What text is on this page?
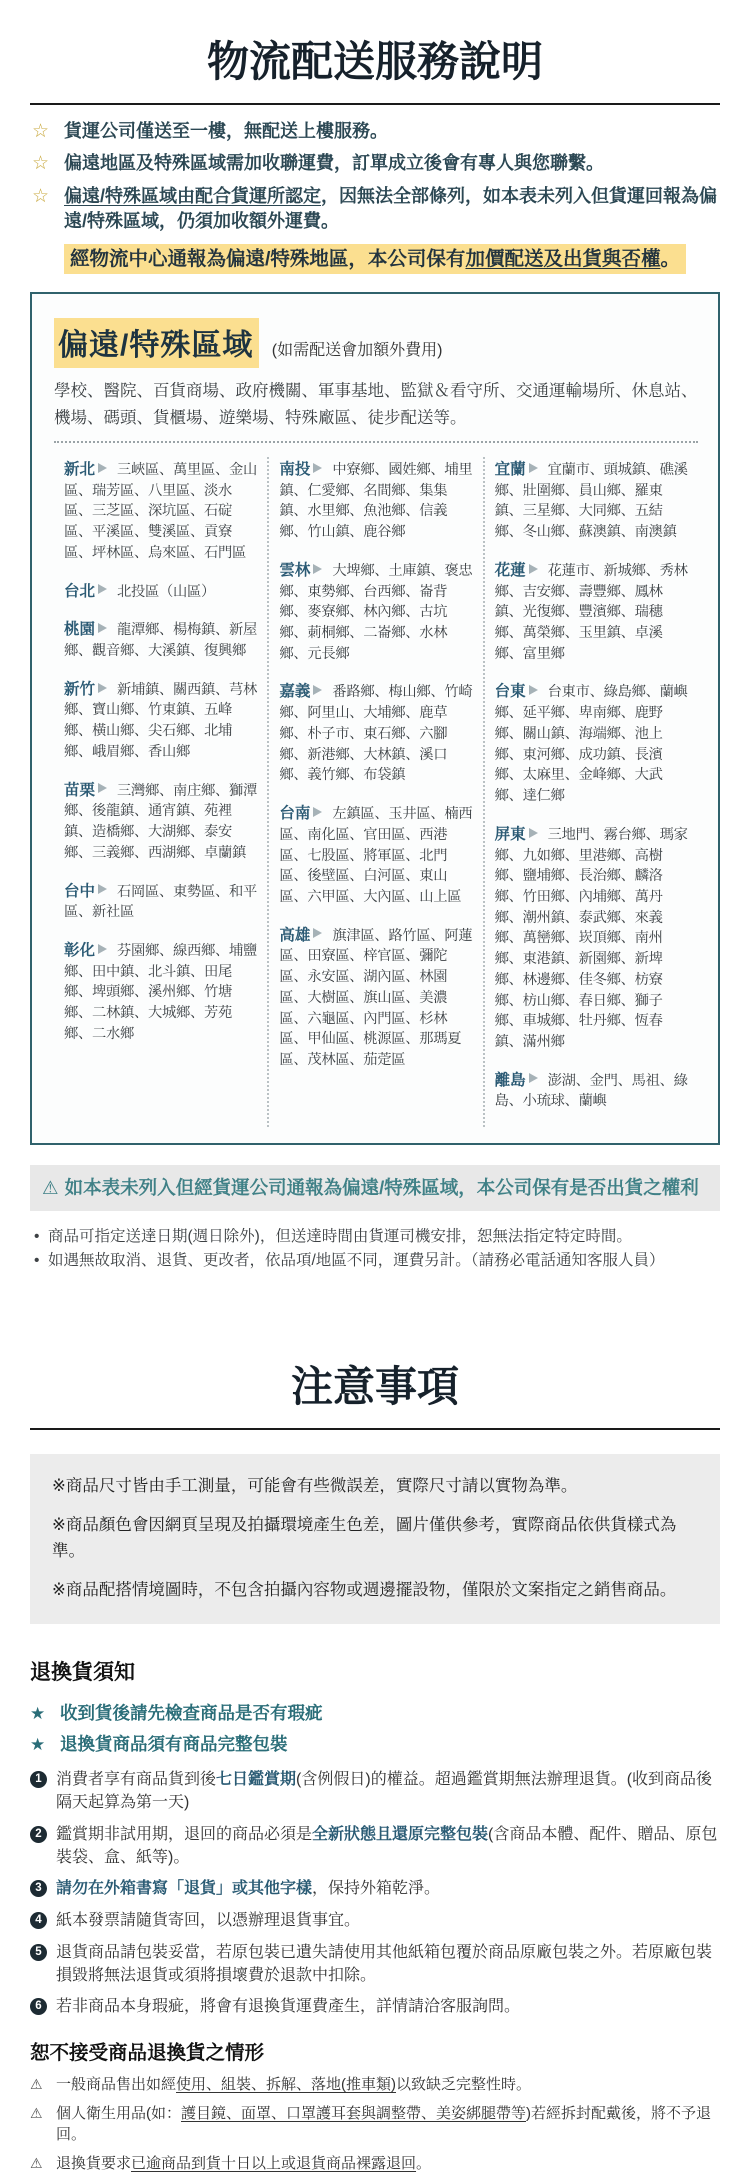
物流配送服務說明
☆
貨運公司僅送至一樓，無配送上樓服務。
☆
偏遠地區及特殊區域需加收聯運費，訂單成立後會有專人與您聯繫。
☆
偏遠/特殊區域由配合貨運所認定，因無法全部條列，如本表未列入但貨運回報為偏遠/特殊區域，仍須加收額外運費。
經物流中心通報為偏遠/特殊地區，本公司保有加價配送及出貨與否權。
偏遠/特殊區域 (如需配送會加額外費用)
學校、醫院、百貨商場、政府機關、軍事基地、監獄＆看守所、交通運輸場所、休息站、機場、碼頭、貨櫃場、遊樂場、特殊廠區、徒步配送等。
新北 三峽區、萬里區、金山區、瑞芳區、八里區、淡水區、三芝區、深坑區、石碇區、平溪區、雙溪區、貢寮區、坪林區、烏來區、石門區
台北 北投區（山區）
桃園 龍潭鄉、楊梅鎮、新屋鄉、觀音鄉、大溪鎮、復興鄉
新竹 新埔鎮、關西鎮、芎林鄉、寶山鄉、竹東鎮、五峰鄉、橫山鄉、尖石鄉、北埔鄉、峨眉鄉、香山鄉
苗栗 三灣鄉、南庄鄉、獅潭鄉、後龍鎮、通宵鎮、苑裡鎮、造橋鄉、大湖鄉、泰安鄉、三義鄉、西湖鄉、卓蘭鎮
台中 石岡區、東勢區、和平區、新社區
彰化 芬園鄉、線西鄉、埔鹽鄉、田中鎮、北斗鎮、田尾鄉、埤頭鄉、溪州鄉、竹塘鄉、二林鎮、大城鄉、芳苑鄉、二水鄉
南投 中寮鄉、國姓鄉、埔里鎮、仁愛鄉、名間鄉、集集鎮、水里鄉、魚池鄉、信義鄉、竹山鎮、鹿谷鄉
雲林 大埤鄉、土庫鎮、褒忠鄉、東勢鄉、台西鄉、崙背鄉、麥寮鄉、林內鄉、古坑鄉、莿桐鄉、二崙鄉、水林鄉、元長鄉
嘉義 番路鄉、梅山鄉、竹崎鄉、阿里山、大埔鄉、鹿草鄉、朴子市、東石鄉、六腳鄉、新港鄉、大林鎮、溪口鄉、義竹鄉、布袋鎮
台南 左鎮區、玉井區、楠西區、南化區、官田區、西港區、七股區、將軍區、北門區、後壁區、白河區、東山區、六甲區、大內區、山上區
高雄 旗津區、路竹區、阿蓮區、田寮區、梓官區、彌陀區、永安區、湖內區、林園區、大樹區、旗山區、美濃區、六龜區、內門區、杉林區、甲仙區、桃源區、那瑪夏區、茂林區、茄萣區
宜蘭 宜蘭市、頭城鎮、礁溪鄉、壯圍鄉、員山鄉、羅東鎮、三星鄉、大同鄉、五結鄉、冬山鄉、蘇澳鎮、南澳鎮
花蓮 花蓮市、新城鄉、秀林鄉、吉安鄉、壽豐鄉、鳳林鎮、光復鄉、豐濱鄉、瑞穗鄉、萬榮鄉、玉里鎮、卓溪鄉、富里鄉
台東 台東市、綠島鄉、蘭嶼鄉、延平鄉、卑南鄉、鹿野鄉、關山鎮、海端鄉、池上鄉、東河鄉、成功鎮、長濱鄉、太麻里、金峰鄉、大武鄉、達仁鄉
屏東 三地門、霧台鄉、瑪家鄉、九如鄉、里港鄉、高樹鄉、鹽埔鄉、長治鄉、麟洛鄉、竹田鄉、內埔鄉、萬丹鄉、潮州鎮、泰武鄉、來義鄉、萬巒鄉、崁頂鄉、南州鄉、東港鎮、新園鄉、新埤鄉、林邊鄉、佳冬鄉、枋寮鄉、枋山鄉、春日鄉、獅子鄉、車城鄉、牡丹鄉、恆春鎮、滿州鄉
離島 澎湖、金門、馬祖、綠島、小琉球、蘭嶼
⚠ 如本表未列入但經貨運公司通報為偏遠/特殊區域，本公司保有是否出貨之權利
•
商品可指定送達日期(週日除外)，但送達時間由貨運司機安排，恕無法指定特定時間。
•
如遇無故取消、退貨、更改者，依品項/地區不同，運費另計。（請務必電話通知客服人員）
注意事項

※商品尺寸皆由手工測量，可能會有些微誤差，實際尺寸請以實物為準。

※商品顏色會因網頁呈現及拍攝環境產生色差，圖片僅供參考，實際商品依供貨樣式為準。

※商品配搭情境圖時，不包含拍攝內容物或週邊擺設物，僅限於文案指定之銷售商品。

退換貨須知
★
收到貨後請先檢查商品是否有瑕疵
★
退換貨商品須有商品完整包裝
1 消費者享有商品貨到後七日鑑賞期(含例假日)的權益。超過鑑賞期無法辦理退貨。(收到商品後隔天起算為第一天)
2 鑑賞期非試用期，退回的商品必須是全新狀態且還原完整包裝(含商品本體、配件、贈品、原包裝袋、盒、紙等)。
3 請勿在外箱書寫「退貨」或其他字樣，保持外箱乾淨。
4 紙本發票請隨貨寄回，以憑辦理退貨事宜。
5 退貨商品請包裝妥當，若原包裝已遺失請使用其他紙箱包覆於商品原廠包裝之外。若原廠包裝損毀將無法退貨或須將損壞費於退款中扣除。
6 若非商品本身瑕疵，將會有退換貨運費產生，詳情請洽客服詢問。
恕不接受商品退換貨之情形
⚠
一般商品售出如經使用、組裝、拆解、落地(推車類)以致缺乏完整性時。
⚠
個人衛生用品(如：護目鏡、面罩、口罩護耳套與調整帶、美姿綁腿帶等)若經拆封配戴後，將不予退回。
⚠
退換貨要求已逾商品到貨十日以上或退貨商品裸露退回。
